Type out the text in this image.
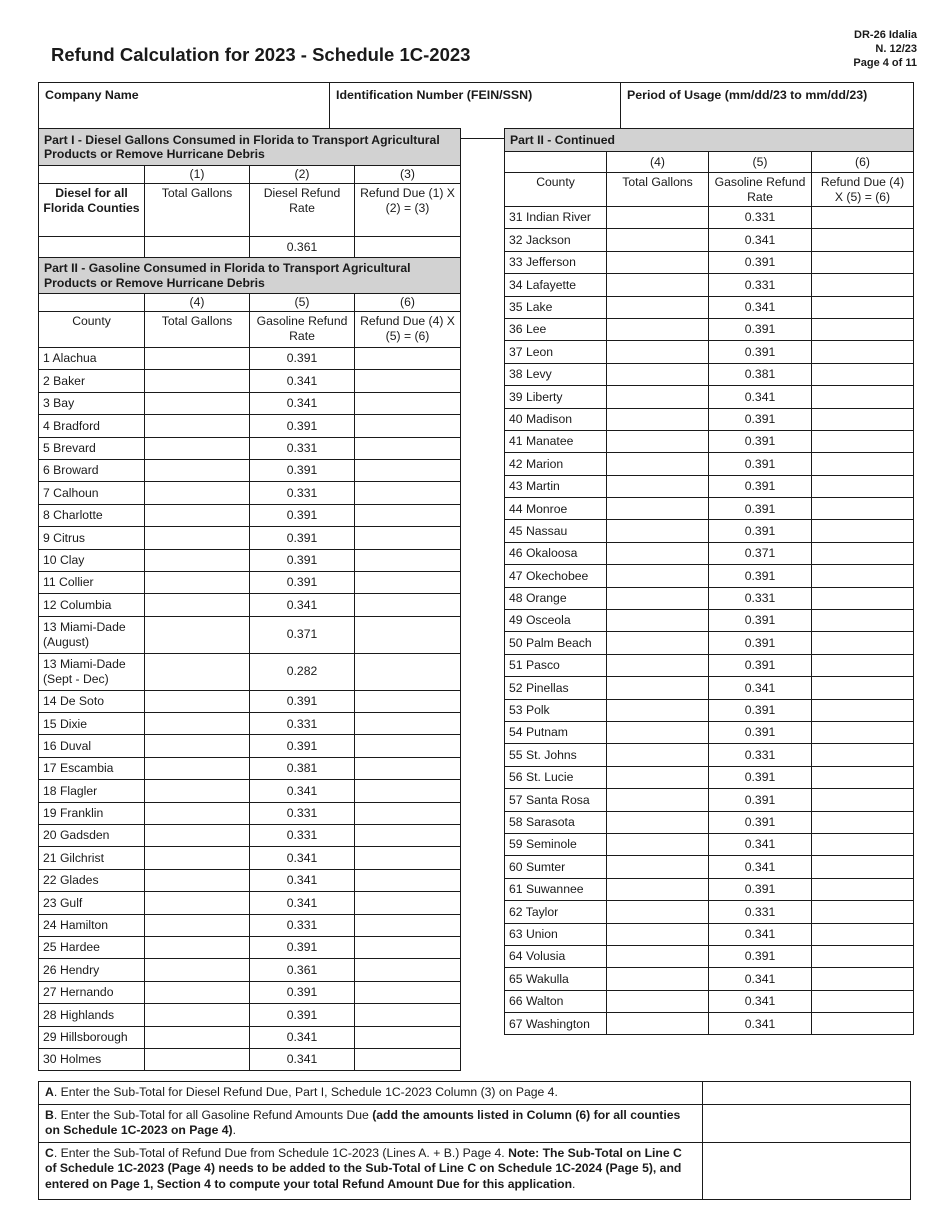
Refund Calculation for 2023 - Schedule 1C-2023
DR-26 Idalia
N. 12/23
Page 4 of 11
Company Name	Identification Number (FEIN/SSN)	Period of Usage (mm/dd/23 to mm/dd/23)
Part I - Diesel Gallons Consumed in Florida to Transport Agricultural Products or Remove Hurricane Debris			
	(1)	(2)	(3)
Diesel for all Florida Counties	Total Gallons	Diesel Refund Rate	Refund Due (1) X (2) = (3)
		0.361	
Part II - Gasoline Consumed in Florida to Transport Agricultural Products or Remove Hurricane Debris			
	(4)	(5)	(6)
County	Total Gallons	Gasoline Refund Rate	Refund Due (4) X (5) = (6)
1 Alachua		0.391	
2 Baker		0.341	
3 Bay		0.341	
4 Bradford		0.391	
5 Brevard		0.331	
6 Broward		0.391	
7 Calhoun		0.331	
8 Charlotte		0.391	
9 Citrus		0.391	
10 Clay		0.391	
11 Collier		0.391	
12 Columbia		0.341	
13 Miami-Dade (August)		0.371	
13 Miami-Dade (Sept - Dec)		0.282	
14 De Soto		0.391	
15 Dixie		0.331	
16 Duval		0.391	
17 Escambia		0.381	
18 Flagler		0.341	
19 Franklin		0.331	
20 Gadsden		0.331	
21 Gilchrist		0.341	
22 Glades		0.341	
23 Gulf		0.341	
24 Hamilton		0.331	
25 Hardee		0.391	
26 Hendry		0.361	
27 Hernando		0.391	
28 Highlands		0.391	
29 Hillsborough		0.341	
30 Holmes		0.341	
Part II - Continued			
	(4)	(5)	(6)
County	Total Gallons	Gasoline Refund Rate	Refund Due (4) X (5) = (6)
31 Indian River		0.331	
32 Jackson		0.341	
33 Jefferson		0.391	
34 Lafayette		0.331	
35 Lake		0.341	
36 Lee		0.391	
37 Leon		0.391	
38 Levy		0.381	
39 Liberty		0.341	
40 Madison		0.391	
41 Manatee		0.391	
42 Marion		0.391	
43 Martin		0.391	
44 Monroe		0.391	
45 Nassau		0.391	
46 Okaloosa		0.371	
47 Okechobee		0.391	
48 Orange		0.331	
49 Osceola		0.391	
50 Palm Beach		0.391	
51 Pasco		0.391	
52 Pinellas		0.341	
53 Polk		0.391	
54 Putnam		0.391	
55 St. Johns		0.331	
56 St. Lucie		0.391	
57 Santa Rosa		0.391	
58 Sarasota		0.391	
59 Seminole		0.341	
60 Sumter		0.341	
61 Suwannee		0.391	
62 Taylor		0.331	
63 Union		0.341	
64 Volusia		0.391	
65 Wakulla		0.341	
66 Walton		0.341	
67 Washington		0.341	
A. Enter the Sub-Total for Diesel Refund Due, Part I, Schedule 1C-2023 Column (3) on Page 4.	
B. Enter the Sub-Total for all Gasoline Refund Amounts Due (add the amounts listed in Column (6) for all counties on Schedule 1C-2023 on Page 4).	
C. Enter the Sub-Total of Refund Due from Schedule 1C-2023 (Lines A. + B.) Page 4. Note: The Sub-Total on Line C of Schedule 1C-2023 (Page 4) needs to be added to the Sub-Total of Line C on Schedule 1C-2024 (Page 5), and entered on Page 1, Section 4 to compute your total Refund Amount Due for this application.	
